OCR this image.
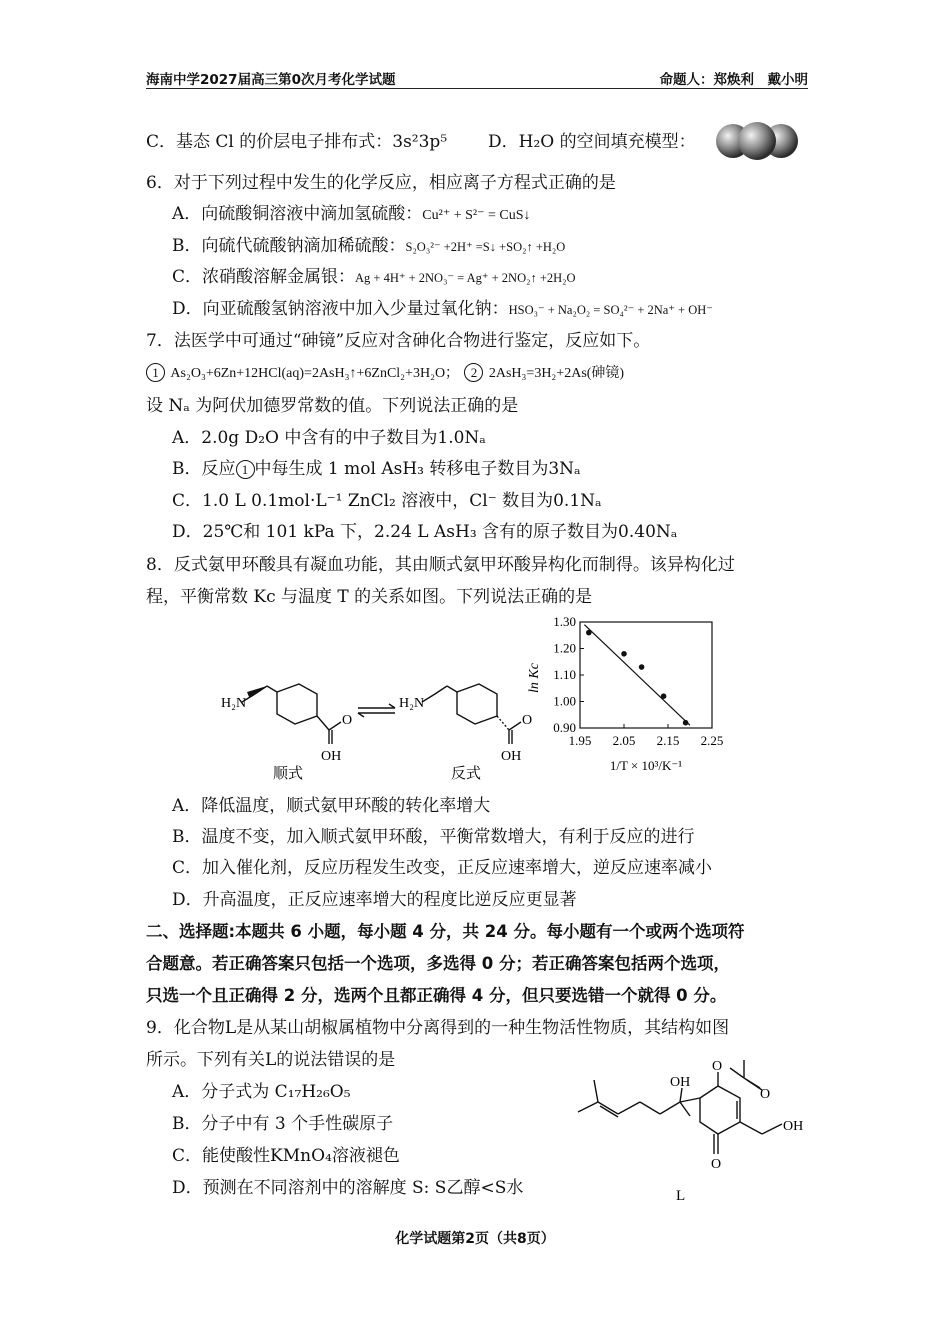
海南中学2027届高三第0次月考化学试题	命题人：郑焕利　戴小明
C．基态 Cl 的价层电子排布式：3s²3p⁵ D．H₂O 的空间填充模型：
6．对于下列过程中发生的化学反应，相应离子方程式正确的是
A．向硫酸铜溶液中滴加氢硫酸：Cu²⁺ + S²⁻ = CuS↓
B．向硫代硫酸钠滴加稀硫酸：S₂O₃²⁻ +2H⁺ =S↓ +SO₂↑ +H₂O
C．浓硝酸溶解金属银：Ag + 4H⁺ + 2NO₃⁻ = Ag⁺ + 2NO₂↑ +2H₂O
D．向亚硫酸氢钠溶液中加入少量过氧化钠：HSO₃⁻ + Na₂O₂ = SO₄²⁻ + 2Na⁺ + OH⁻
7．法医学中可通过“砷镜”反应对含砷化合物进行鉴定，反应如下。
1 As₂O₃+6Zn+12HCl(aq)=2AsH₃↑+6ZnCl₂+3H₂O； 2 2AsH₃=3H₂+2As(砷镜)
设 Nₐ 为阿伏加德罗常数的值。下列说法正确的是
A．2.0g D₂O 中含有的中子数目为1.0Nₐ
B．反应 1 中每生成 1 mol AsH₃ 转移电子数目为3Nₐ
C．1.0 L 0.1mol·L⁻¹ ZnCl₂ 溶液中，Cl⁻ 数目为0.1Nₐ
D．25℃和 101 kPa 下，2.24 L AsH₃ 含有的原子数目为0.40Nₐ
8．反式氨甲环酸具有凝血功能，其由顺式氨甲环酸异构化而制得。该异构化过
程，平衡常数 Kc 与温度 T 的关系如图。下列说法正确的是
H₂N
O
OH
H₂N
O
OH
顺式	反式
1.30
1.20
1.10
1.00
0.90
1.95 2.05 2.15 2.25
ln Kc
1/T × 10³/K⁻¹
A．降低温度，顺式氨甲环酸的转化率增大
B．温度不变，加入顺式氨甲环酸，平衡常数增大，有利于反应的进行
C．加入催化剂，反应历程发生改变，正反应速率增大，逆反应速率减小
D．升高温度，正反应速率增大的程度比逆反应更显著
二、选择题:本题共 6 小题，每小题 4 分，共 24 分。每小题有一个或两个选项符
合题意。若正确答案只包括一个选项，多选得 0 分；若正确答案包括两个选项，
只选一个且正确得 2 分，选两个且都正确得 4 分，但只要选错一个就得 0 分。
9．化合物L是从某山胡椒属植物中分离得到的一种生物活性物质，其结构如图
所示。下列有关L的说法错误的是
A．分子式为 C₁₇H₂₆O₅
B．分子中有 3 个手性碳原子
C．能使酸性KMnO₄溶液褪色
D．预测在不同溶剂中的溶解度 S: S乙醇<S水
OH
O
O
OH
O
L
化学试题第2页（共8页）
